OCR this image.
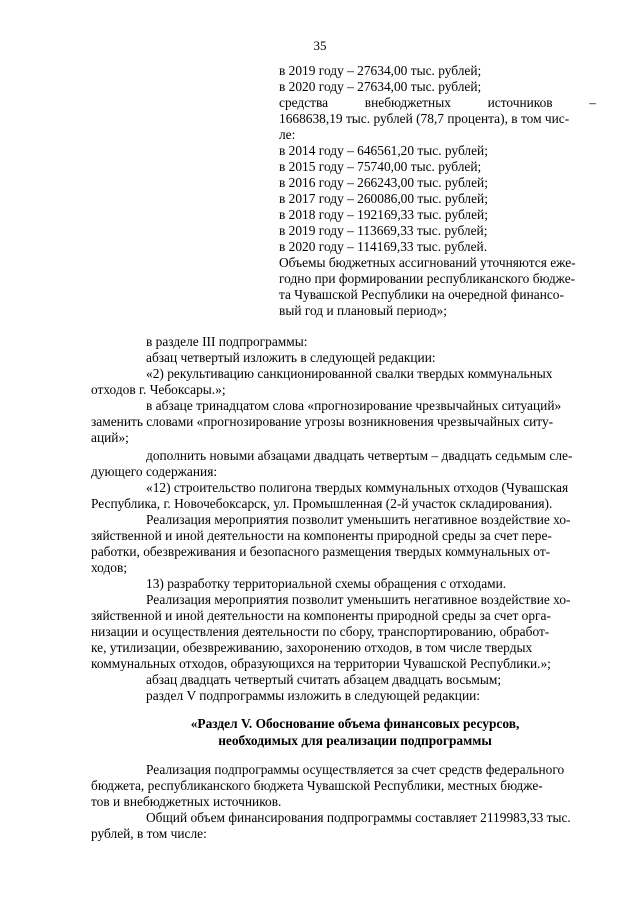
35
в 2019 году – 27634,00 тыс. рублей;
в 2020 году – 27634,00 тыс. рублей;
средства	внебюджетных	источников	–
1668638,19 тыс. рублей (78,7 процента), в том чис-
ле:
в 2014 году – 646561,20 тыс. рублей;
в 2015 году – 75740,00 тыс. рублей;
в 2016 году – 266243,00 тыс. рублей;
в 2017 году – 260086,00 тыс. рублей;
в 2018 году – 192169,33 тыс. рублей;
в 2019 году – 113669,33 тыс. рублей;
в 2020 году – 114169,33 тыс. рублей.
Объемы бюджетных ассигнований уточняются еже-
годно при формировании республиканского бюдже-
та Чувашской Республики на очередной финансо-
вый год и плановый период»;
в разделе III подпрограммы:
абзац четвертый изложить в следующей редакции:
«2) рекультивацию санкционированной свалки твердых коммунальных
отходов г. Чебоксары.»;
в абзаце тринадцатом слова «прогнозирование чрезвычайных ситуаций»
заменить словами «прогнозирование угрозы возникновения чрезвычайных ситу-
аций»;
дополнить новыми абзацами двадцать четвертым – двадцать седьмым сле-
дующего содержания:
«12) строительство полигона твердых коммунальных отходов (Чувашская
Республика, г. Новочебоксарск, ул. Промышленная (2-й участок складирования).
Реализация мероприятия позволит уменьшить негативное воздействие хо-
зяйственной и иной деятельности на компоненты природной среды за счет пере-
работки, обезвреживания и безопасного размещения твердых коммунальных от-
ходов;
13) разработку территориальной схемы обращения с отходами.
Реализация мероприятия позволит уменьшить негативное воздействие хо-
зяйственной и иной деятельности на компоненты природной среды за счет орга-
низации и осуществления деятельности по сбору, транспортированию, обработ-
ке, утилизации, обезвреживанию, захоронению отходов, в том числе твердых
коммунальных отходов, образующихся на территории Чувашской Республики.»;
абзац двадцать четвертый считать абзацем двадцать восьмым;
раздел V подпрограммы изложить в следующей редакции:
«Раздел V. Обоснование объема финансовых ресурсов,
необходимых для реализации подпрограммы
Реализация подпрограммы осуществляется за счет средств федерального
бюджета, республиканского бюджета Чувашской Республики, местных бюдже-
тов и внебюджетных источников.
Общий объем финансирования подпрограммы составляет 2119983,33 тыс.
рублей, в том числе:
